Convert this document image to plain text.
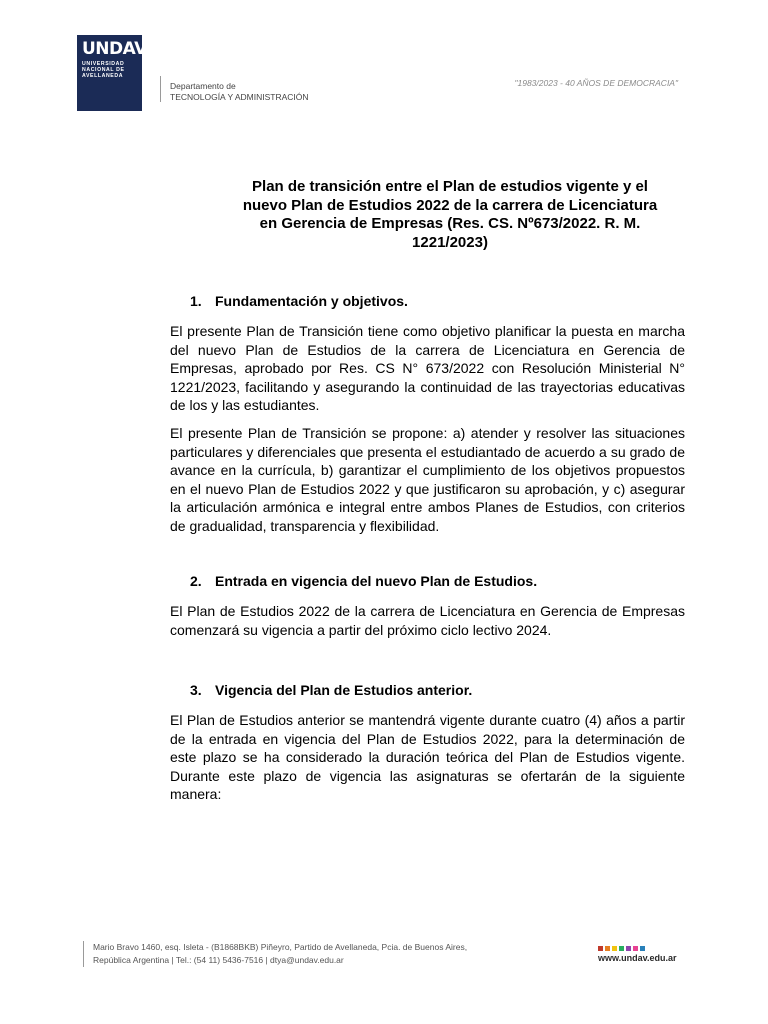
UNDAV
UNIVERSIDAD
NACIONAL DE
AVELLANEDA
Departamento de
TECNOLOGÍA Y ADMINISTRACIÓN
"1983/2023 - 40 AÑOS DE DEMOCRACIA"
Plan de transición entre el Plan de estudios vigente y el
nuevo Plan de Estudios 2022 de la carrera de Licenciatura
en Gerencia de Empresas (Res. CS. Nº673/2022. R. M.
1221/2023)
1. Fundamentación y objetivos.
El presente Plan de Transición tiene como objetivo planificar la puesta en marcha del nuevo Plan de Estudios de la carrera de Licenciatura en Gerencia de Empresas, aprobado por Res. CS N° 673/2022 con Resolución Ministerial N° 1221/2023, facilitando y asegurando la continuidad de las trayectorias educativas de los y las estudiantes.
El presente Plan de Transición se propone: a) atender y resolver las situaciones particulares y diferenciales que presenta el estudiantado de acuerdo a su grado de avance en la currícula, b) garantizar el cumplimiento de los objetivos propuestos en el nuevo Plan de Estudios 2022 y que justificaron su aprobación, y c) asegurar la articulación armónica e integral entre ambos Planes de Estudios, con criterios de gradualidad, transparencia y flexibilidad.
2. Entrada en vigencia del nuevo Plan de Estudios.
El Plan de Estudios 2022 de la carrera de Licenciatura en Gerencia de Empresas comenzará su vigencia a partir del próximo ciclo lectivo 2024.
3. Vigencia del Plan de Estudios anterior.
El Plan de Estudios anterior se mantendrá vigente durante cuatro (4) años a partir de la entrada en vigencia del Plan de Estudios 2022, para la determinación de este plazo se ha considerado la duración teórica del Plan de Estudios vigente. Durante este plazo de vigencia las asignaturas se ofertarán de la siguiente manera:
Mario Bravo 1460, esq. Isleta - (B1868BKB) Piñeyro, Partido de Avellaneda, Pcia. de Buenos Aires,
República Argentina | Tel.: (54 11) 5436-7516 | dtya@undav.edu.ar	www.undav.edu.ar
